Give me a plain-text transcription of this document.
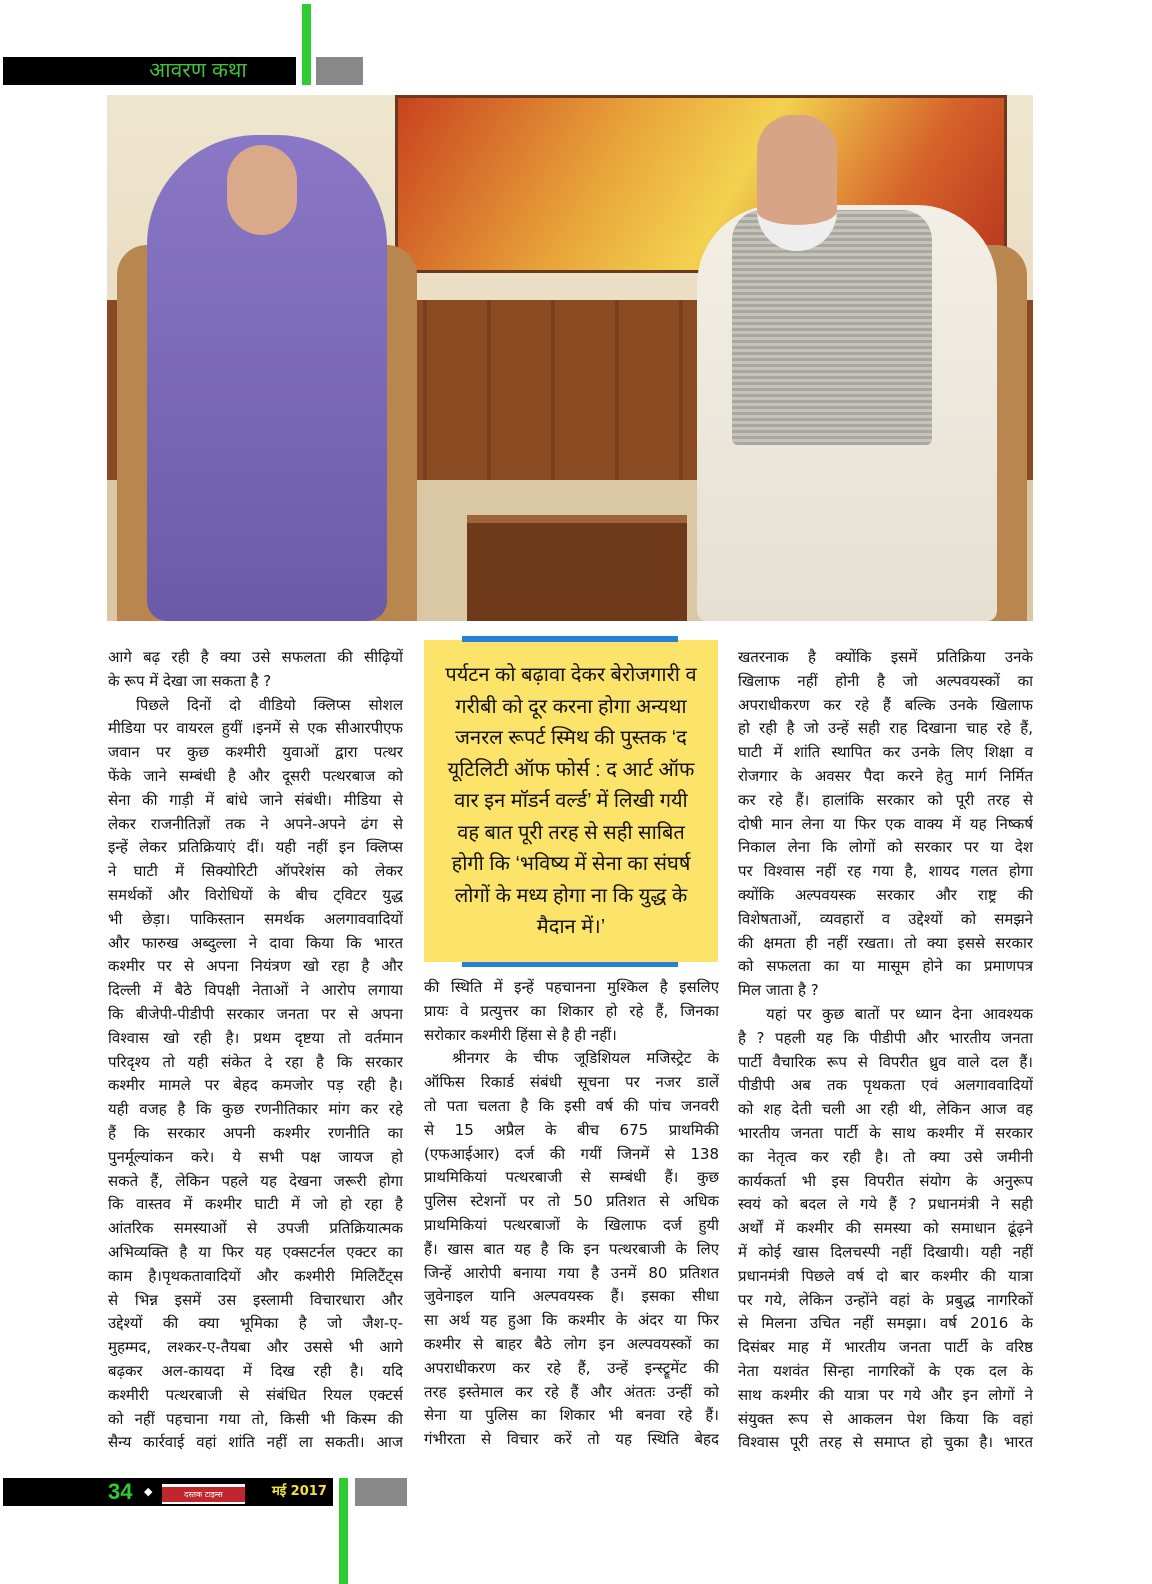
आवरण कथा
पर्यटन को बढ़ावा देकर बेरोजगारी व
गरीबी को दूर करना होगा अन्यथा
जनरल रूपर्ट स्मिथ की पुस्तक ‘द
यूटिलिटी ऑफ फोर्स : द आर्ट ऑफ
वार इन मॉडर्न वर्ल्ड’ में लिखी गयी
वह बात पूरी तरह से सही साबित
होगी कि ‘भविष्य में सेना का संघर्ष
लोगों के मध्य होगा ना कि युद्ध के
मैदान में।’
आगे बढ़ रही है क्या उसे सफलता की सीढ़ियों
के रूप में देखा जा सकता है ?
पिछले दिनों दो वीडियो क्लिप्स सोशल
मीडिया पर वायरल हुयीं ।इनमें से एक सीआरपीएफ
जवान पर कुछ कश्मीरी युवाओं द्वारा पत्थर
फेंके जाने सम्बंधी है और दूसरी पत्थरबाज को
सेना की गाड़ी में बांधे जाने संबंधी। मीडिया से
लेकर राजनीतिज्ञों तक ने अपने-अपने ढंग से
इन्हें लेकर प्रतिक्रियाएं दीं। यही नहीं इन क्लिप्स
ने घाटी में सिक्योरिटी ऑपरेशंस को लेकर
समर्थकों और विरोधियों के बीच ट्विटर युद्ध
भी छेड़ा। पाकिस्तान समर्थक अलगाववादियों
और फारुख अब्दुल्ला ने दावा किया कि भारत
कश्मीर पर से अपना नियंत्रण खो रहा है और
दिल्ली में बैठे विपक्षी नेताओं ने आरोप लगाया
कि बीजेपी-पीडीपी सरकार जनता पर से अपना
विश्वास खो रही है। प्रथम दृष्टया तो वर्तमान
परिदृश्य तो यही संकेत दे रहा है कि सरकार
कश्मीर मामले पर बेहद कमजोर पड़ रही है।
यही वजह है कि कुछ रणनीतिकार मांग कर रहे
हैं कि सरकार अपनी कश्मीर रणनीति का
पुनर्मूल्यांकन करे। ये सभी पक्ष जायज हो
सकते हैं, लेकिन पहले यह देखना जरूरी होगा
कि वास्तव में कश्मीर घाटी में जो हो रहा है
आंतरिक समस्याओं से उपजी प्रतिक्रियात्मक
अभिव्यक्ति है या फिर यह एक्सटर्नल एक्टर का
काम है।पृथकतावादियों और कश्मीरी मिलिटैंट्स
से भिन्न इसमें उस इस्लामी विचारधारा और
उद्देश्यों की क्या भूमिका है जो जैश-ए-
मुहम्मद, लश्कर-ए-तैयबा और उससे भी आगे
बढ़कर अल-कायदा में दिख रही है। यदि
कश्मीरी पत्थरबाजी से संबंधित रियल एक्टर्स
को नहीं पहचाना गया तो, किसी भी किस्म की
सैन्य कार्रवाई वहां शांति नहीं ला सकती। आज
की स्थिति में इन्हें पहचानना मुश्किल है इसलिए
प्रायः वे प्रत्युत्तर का शिकार हो रहे हैं, जिनका
सरोकार कश्मीरी हिंसा से है ही नहीं।
श्रीनगर के चीफ जूडिशियल मजिस्ट्रेट के
ऑफिस रिकार्ड संबंधी सूचना पर नजर डालें
तो पता चलता है कि इसी वर्ष की पांच जनवरी
से 15 अप्रैल के बीच 675 प्राथमिकी
(एफआईआर) दर्ज की गयीं जिनमें से 138
प्राथमिकियां पत्थरबाजी से सम्बंधी हैं। कुछ
पुलिस स्टेशनों पर तो 50 प्रतिशत से अधिक
प्राथमिकियां पत्थरबाजों के खिलाफ दर्ज हुयी
हैं। खास बात यह है कि इन पत्थरबाजी के लिए
जिन्हें आरोपी बनाया गया है उनमें 80 प्रतिशत
जुवेनाइल यानि अल्पवयस्क हैं। इसका सीधा
सा अर्थ यह हुआ कि कश्मीर के अंदर या फिर
कश्मीर से बाहर बैठे लोग इन अल्पवयस्कों का
अपराधीकरण कर रहे हैं, उन्हें इन्स्ट्रूमेंट की
तरह इस्तेमाल कर रहे हैं और अंततः उन्हीं को
सेना या पुलिस का शिकार भी बनवा रहे हैं।
गंभीरता से विचार करें तो यह स्थिति बेहद
खतरनाक है क्योंकि इसमें प्रतिक्रिया उनके
खिलाफ नहीं होनी है जो अल्पवयस्कों का
अपराधीकरण कर रहे हैं बल्कि उनके खिलाफ
हो रही है जो उन्हें सही राह दिखाना चाह रहे हैं,
घाटी में शांति स्थापित कर उनके लिए शिक्षा व
रोजगार के अवसर पैदा करने हेतु मार्ग निर्मित
कर रहे हैं। हालांकि सरकार को पूरी तरह से
दोषी मान लेना या फिर एक वाक्य में यह निष्कर्ष
निकाल लेना कि लोगों को सरकार पर या देश
पर विश्वास नहीं रह गया है, शायद गलत होगा
क्योंकि अल्पवयस्क सरकार और राष्ट्र की
विशेषताओं, व्यवहारों व उद्देश्यों को समझने
की क्षमता ही नहीं रखता। तो क्या इससे सरकार
को सफलता का या मासूम होने का प्रमाणपत्र
मिल जाता है ?
यहां पर कुछ बातों पर ध्यान देना आवश्यक
है ? पहली यह कि पीडीपी और भारतीय जनता
पार्टी वैचारिक रूप से विपरीत ध्रुव वाले दल हैं।
पीडीपी अब तक पृथकता एवं अलगाववादियों
को शह देती चली आ रही थी, लेकिन आज वह
भारतीय जनता पार्टी के साथ कश्मीर में सरकार
का नेतृत्व कर रही है। तो क्या उसे जमीनी
कार्यकर्ता भी इस विपरीत संयोग के अनुरूप
स्वयं को बदल ले गये हैं ? प्रधानमंत्री ने सही
अर्थों में कश्मीर की समस्या को समाधान ढूंढ़ने
में कोई खास दिलचस्पी नहीं दिखायी। यही नहीं
प्रधानमंत्री पिछले वर्ष दो बार कश्मीर की यात्रा
पर गये, लेकिन उन्होंने वहां के प्रबुद्ध नागरिकों
से मिलना उचित नहीं समझा। वर्ष 2016 के
दिसंबर माह में भारतीय जनता पार्टी के वरिष्ठ
नेता यशवंत सिन्हा नागरिकों के एक दल के
साथ कश्मीर की यात्रा पर गये और इन लोगों ने
संयुक्त रूप से आकलन पेश किया कि वहां
विश्वास पूरी तरह से समाप्त हो चुका है। भारत
34 ◆	दस्तक टाइम्स	मई 2017
